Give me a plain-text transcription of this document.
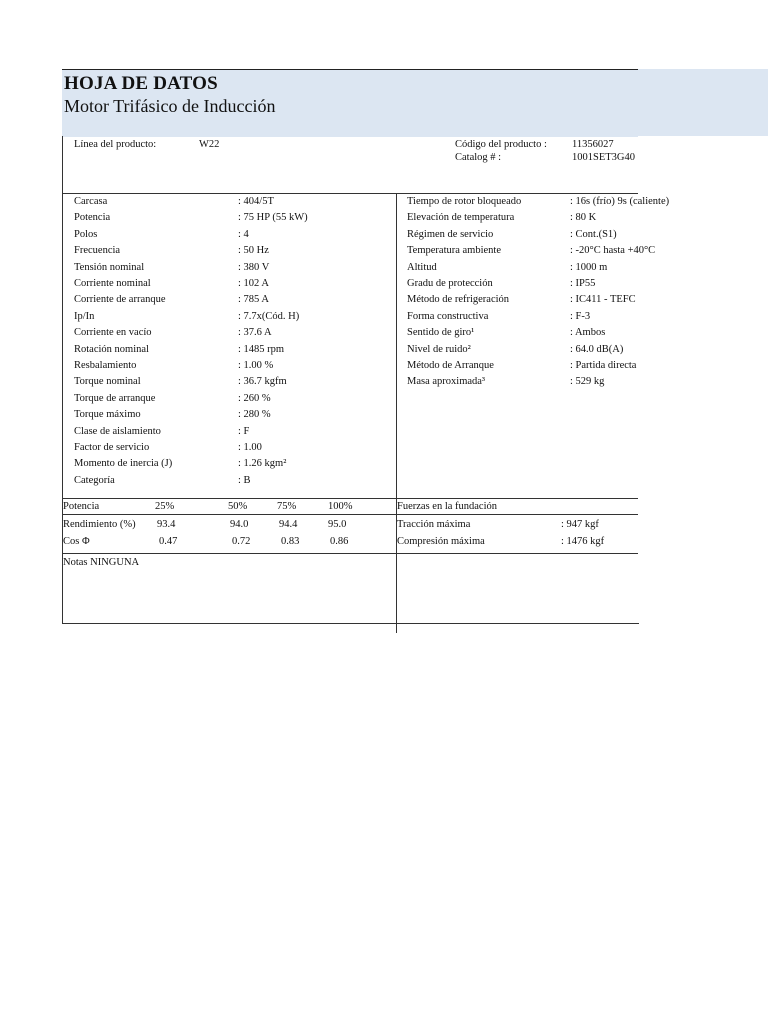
HOJA DE DATOS
Motor Trifásico de Inducción
Línea del producto:	W22	Código del producto : 11356027
Catalog # :	1001SET3G40
Carcasa	: 404/5T
Potencia	: 75 HP (55 kW)
Polos	: 4
Frecuencia	: 50 Hz
Tensión nominal	: 380 V
Corriente nominal	: 102 A
Corriente de arranque	: 785 A
Ip/In	: 7.7x(Cód. H)
Corriente en vacío	: 37.6 A
Rotación nominal	: 1485 rpm
Resbalamiento	: 1.00 %
Torque nominal	: 36.7 kgfm
Torque de arranque	: 260 %
Torque máximo	: 280 %
Clase de aislamiento	: F
Factor de servicio	: 1.00
Momento de inercia (J)	: 1.26 kgm²
Categoría	: B
Tiempo de rotor bloqueado	: 16s (frío) 9s (caliente)
Elevación de temperatura	: 80 K
Régimen de servicio	: Cont.(S1)
Temperatura ambiente	: -20°C hasta +40°C
Altitud	: 1000 m
Gradu de protección	: IP55
Método de refrigeración	: IC411 - TEFC
Forma constructiva	: F-3
Sentido de giro¹	: Ambos
Nivel de ruido²	: 64.0 dB(A)
Método de Arranque	: Partida directa
Masa aproximada³	: 529 kg
Potencia	25%	50%	75%	100%
Rendimiento (%) 93.4	94.0	94.4	95.0
Cos Φ	0.47	0.72	0.83	0.86
Fuerzas en la fundación
Tracción máxima	: 947 kgf
Compresión máxima	: 1476 kgf
Notas NINGUNA
